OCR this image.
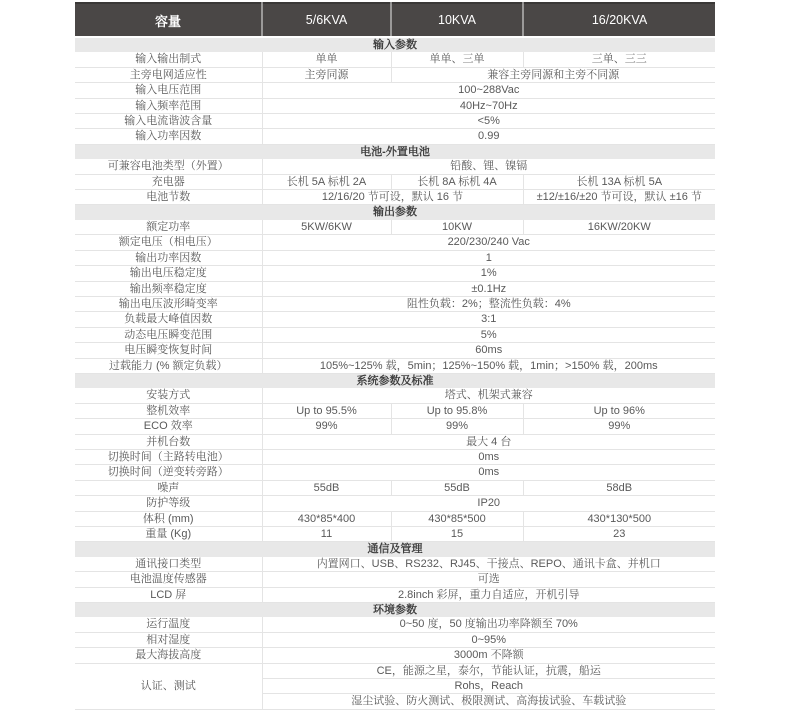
容量	5/6KVA	10KVA	16/20KVA
输入参数			
输入输出制式	单单	单单、三单	三单、三三
主旁电网适应性	主旁同源	兼容主旁同源和主旁不同源	
输入电压范围	100~288Vac		
输入频率范围	40Hz~70Hz		
输入电流谐波含量	<5%		
输入功率因数	0.99		
电池-外置电池			
可兼容电池类型（外置）	铅酸、锂、镍镉		
充电器	长机 5A 标机 2A	长机 8A 标机 4A	长机 13A 标机 5A
电池节数	12/16/20 节可设，默认 16 节		±12/±16/±20 节可设，默认 ±16 节
输出参数			
额定功率	5KW/6KW	10KW	16KW/20KW
额定电压（相电压）	220/230/240 Vac		
输出功率因数	1		
输出电压稳定度	1%		
输出频率稳定度	±0.1Hz		
输出电压波形畸变率	阻性负载：2%；整流性负载：4%		
负载最大峰值因数	3:1		
动态电压瞬变范围	5%		
电压瞬变恢复时间	60ms		
过载能力 (% 额定负载）	105%~125% 载，5min；125%~150% 载，1min；>150% 载，200ms		
系统参数及标准			
安装方式	塔式、机架式兼容		
整机效率	Up to 95.5%	Up to 95.8%	Up to 96%
ECO 效率	99%	99%	99%
并机台数	最大 4 台		
切换时间（主路转电池）	0ms		
切换时间（逆变转旁路）	0ms		
噪声	55dB	55dB	58dB
防护等级	IP20		
体积 (mm)	430*85*400	430*85*500	430*130*500
重量 (Kg)	11	15	23
通信及管理			
通讯接口类型	内置网口、USB、RS232、RJ45、干接点、REPO、通讯卡盒、并机口		
电池温度传感器	可选		
LCD 屏	2.8inch 彩屏，重力自适应，开机引导		
环境参数			
运行温度	0~50 度，50 度输出功率降额至 70%		
相对湿度	0~95%		
最大海拔高度	3000m 不降额		
认证、测试	CE，能源之星，泰尔，节能认证，抗震，船运		
	Rohs，Reach		
	湿尘试验、防火测试、极限测试、高海拔试验、车载试验		
